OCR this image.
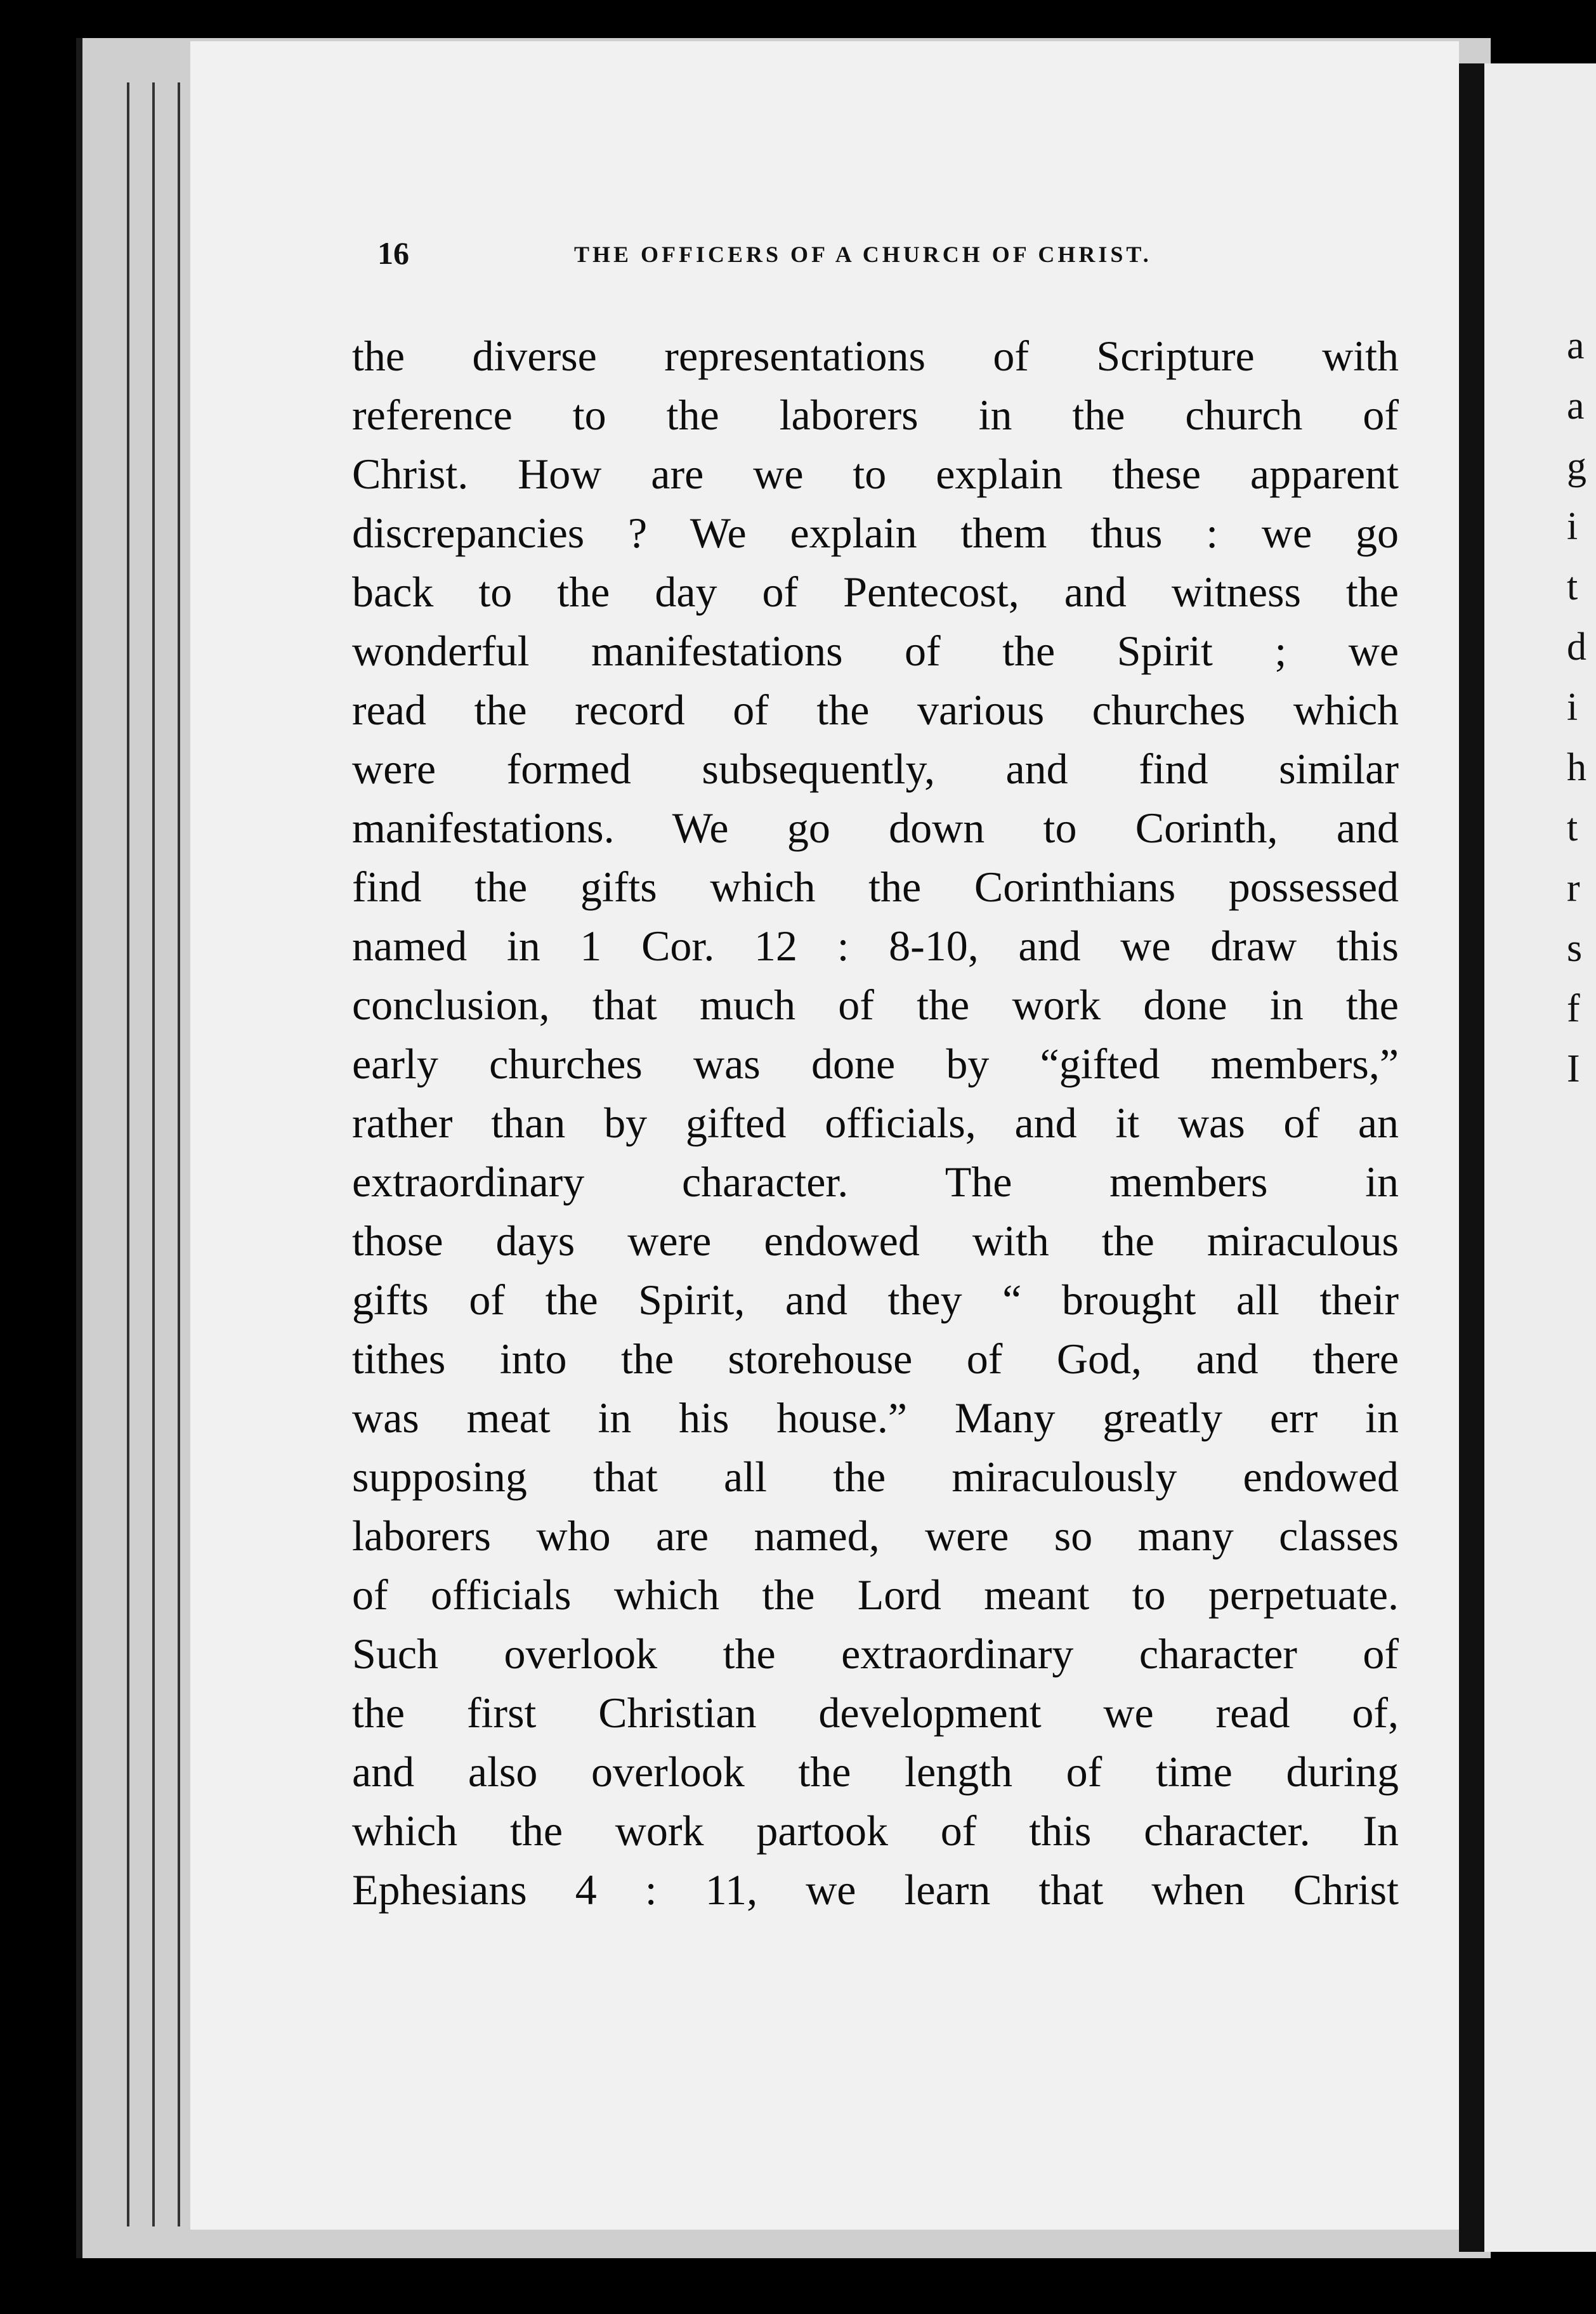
a
a
g
i
t
d
i
h
t
r
s
f
I
16	THE OFFICERS OF A CHURCH OF CHRIST.
the diverse representations of Scripture with
reference to the laborers in the church of
Christ. How are we to explain these apparent
discrepancies ? We explain them thus : we go
back to the day of Pentecost, and witness the
wonderful manifestations of the Spirit ; we
read the record of the various churches which
were formed subsequently, and find similar
manifestations. We go down to Corinth, and
find the gifts which the Corinthians possessed
named in 1 Cor. 12 : 8-10, and we draw this
conclusion, that much of the work done in the
early churches was done by “gifted members,”
rather than by gifted officials, and it was of an
extraordinary character. The members in
those days were endowed with the miraculous
gifts of the Spirit, and they “ brought all their
tithes into the storehouse of God, and there
was meat in his house.” Many greatly err in
supposing that all the miraculously endowed
laborers who are named, were so many classes
of officials which the Lord meant to perpetuate.
Such overlook the extraordinary character of
the first Christian development we read of,
and also overlook the length of time during
which the work partook of this character. In
Ephesians 4 : 11, we learn that when Christ
